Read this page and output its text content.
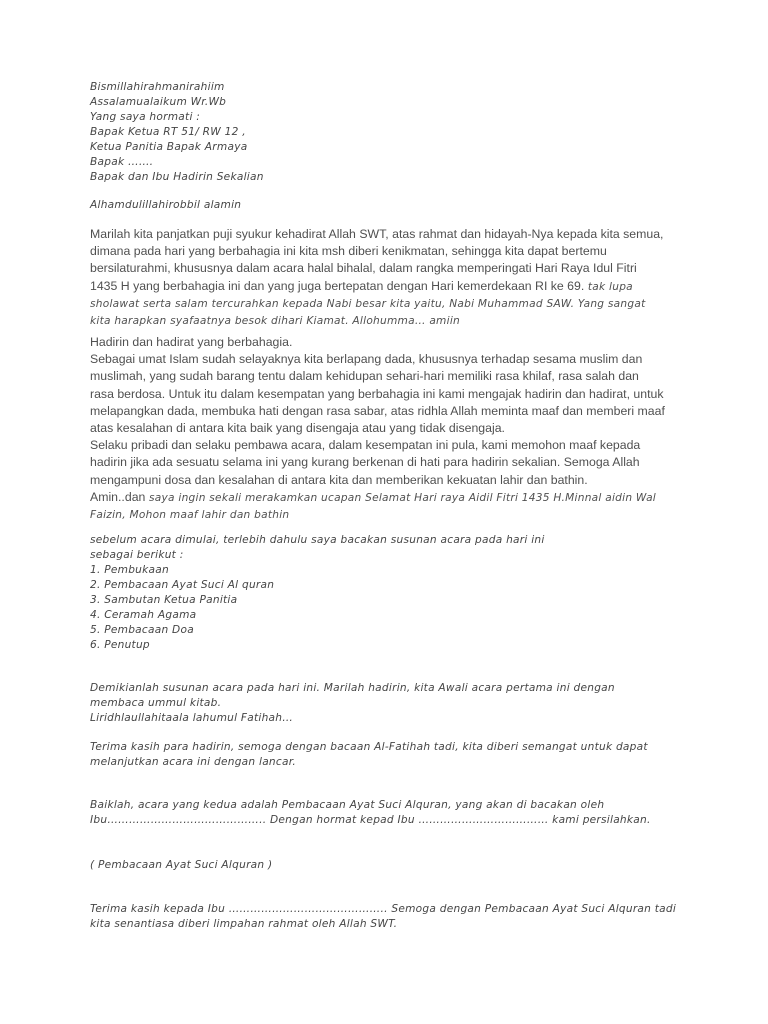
Bismillahirahmanirahiim
Assalamualaikum Wr.Wb
Yang saya hormati :
Bapak Ketua RT 51/ RW 12 ,
Ketua Panitia Bapak Armaya
Bapak …….
Bapak dan Ibu Hadirin Sekalian
Alhamdulillahirobbil alamin
Marilah kita panjatkan puji syukur kehadirat Allah SWT, atas rahmat dan hidayah-Nya kepada kita semua,
dimana pada hari yang berbahagia ini kita msh diberi kenikmatan, sehingga kita dapat bertemu
bersilaturahmi, khususnya dalam acara halal bihalal, dalam rangka memperingati Hari Raya Idul Fitri
1435 H yang berbahagia ini dan yang juga bertepatan dengan Hari kemerdekaan RI ke 69. tak lupa
sholawat serta salam tercurahkan kepada Nabi besar kita yaitu, Nabi Muhammad SAW. Yang sangat
kita harapkan syafaatnya besok dihari Kiamat. Allohumma… amiin
Hadirin dan hadirat yang berbahagia.
Sebagai umat Islam sudah selayaknya kita berlapang dada, khususnya terhadap sesama muslim dan
muslimah, yang sudah barang tentu dalam kehidupan sehari-hari memiliki rasa khilaf, rasa salah dan
rasa berdosa. Untuk itu dalam kesempatan yang berbahagia ini kami mengajak hadirin dan hadirat, untuk
melapangkan dada, membuka hati dengan rasa sabar, atas ridhla Allah meminta maaf dan memberi maaf
atas kesalahan di antara kita baik yang disengaja atau yang tidak disengaja.
Selaku pribadi dan selaku pembawa acara, dalam kesempatan ini pula, kami memohon maaf kepada
hadirin jika ada sesuatu selama ini yang kurang berkenan di hati para hadirin sekalian. Semoga Allah
mengampuni dosa dan kesalahan di antara kita dan memberikan kekuatan lahir dan bathin.
Amin..dan saya ingin sekali merakamkan ucapan Selamat Hari raya Aidil Fitri 1435 H.Minnal aidin Wal
Faizin, Mohon maaf lahir dan bathin
sebelum acara dimulai, terlebih dahulu saya bacakan susunan acara pada hari ini
sebagai berikut :
1. Pembukaan
2. Pembacaan Ayat Suci Al quran
3. Sambutan Ketua Panitia
4. Ceramah Agama
5. Pembacaan Doa
6. Penutup
Demikianlah susunan acara pada hari ini. Marilah hadirin, kita Awali acara pertama ini dengan
membaca ummul kitab.
Liridhlaullahitaala lahumul Fatihah…
Terima kasih para hadirin, semoga dengan bacaan Al-Fatihah tadi, kita diberi semangat untuk dapat
melanjutkan acara ini dengan lancar.
Baiklah, acara yang kedua adalah Pembacaan Ayat Suci Alquran, yang akan di bacakan oleh
Ibu…………………………………….. Dengan hormat kepad Ibu ……………………………… kami persilahkan.
( Pembacaan Ayat Suci Alquran )
Terima kasih kepada Ibu …………………………………….. Semoga dengan Pembacaan Ayat Suci Alquran tadi
kita senantiasa diberi limpahan rahmat oleh Allah SWT.
